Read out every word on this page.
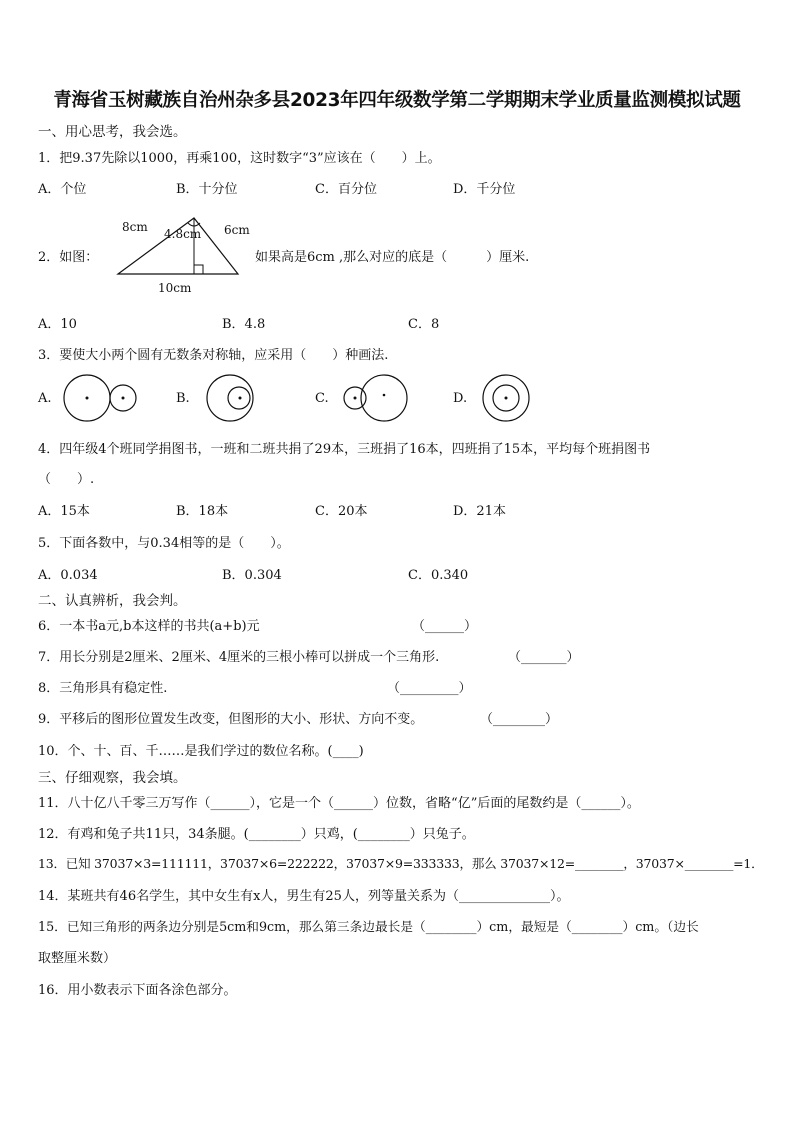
青海省玉树藏族自治州杂多县2023年四年级数学第二学期期末学业质量监测模拟试题
一、用心思考，我会选。
1．把9.37先除以1000，再乘100，这时数字“3”应该在（　　）上。
A．个位	B．十分位	C．百分位	D．千分位
2．如图：
8cm	6cm
4.8cm
10cm
如果高是6cm ,那么对应的底是（　　　）厘米.
A．10	B．4.8	C．8
3．要使大小两个圆有无数条对称轴，应采用（　　）种画法.
A.	B.	C.	D.
4．四年级4个班同学捐图书，一班和二班共捐了29本，三班捐了16本，四班捐了15本，平均每个班捐图书
（　　）.
A．15本	B．18本	C．20本	D．21本
5．下面各数中，与0.34相等的是（　　）。
A．0.034	B．0.304	C．0.340
二、认真辨析，我会判。
6．一本书a元,b本这样的书共(a+b)元	（______）
7．用长分别是2厘米、2厘米、4厘米的三根小棒可以拼成一个三角形.	（_______）
8．三角形具有稳定性.	（_________）
9．平移后的图形位置发生改变，但图形的大小、形状、方向不变。	（________）
10．个、十、百、千……是我们学过的数位名称。(____)
三、仔细观察，我会填。
11．八十亿八千零三万写作（______），它是一个（______）位数，省略“亿”后面的尾数约是（______）。
12．有鸡和兔子共11只，34条腿。(________）只鸡，(________）只兔子。
13．已知 37037×3=111111，37037×6=222222，37037×9=333333，那么 37037×12=________，37037×________=1．
14．某班共有46名学生，其中女生有x人，男生有25人，列等量关系为（______________）。
15．已知三角形的两条边分别是5cm和9cm，那么第三条边最长是（________）cm，最短是（________）cm。（边长
取整厘米数）
16．用小数表示下面各涂色部分。
